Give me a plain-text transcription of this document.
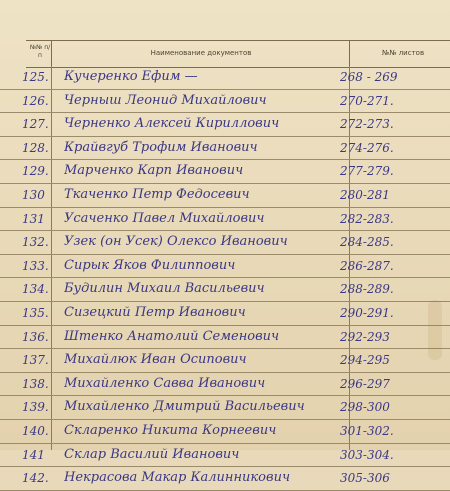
№№ п/п	Наименование документов	№№ листов
125. Кучеренко Ефим —	268 - 269
126. Черныш Леонид Михайлович	270-271.
127. Черненко Алексей Кириллович	272-273.
128. Крайвгуб Трофим Иванович	274-276.
129. Марченко Карп Иванович	277-279.
130	Ткаченко Петр Федосевич	280-281
131	Усаченко Павел Михайлович	282-283.
132. Узек (он Усек) Олексо Иванович	284-285.
133. Сирык Яков Филиппович	286-287.
134. Будилин Михаил Васильевич	288-289.
135. Сизецкий Петр Иванович	290-291.
136. Штенко Анатолий Семенович	292-293
137. Михайлюк Иван Осипович	294-295
138. Михайленко Савва Иванович	296-297
139. Михайленко Дмитрий Васильевич	298-300
140. Скларенко Никита Корнеевич	301-302.
141	Склар Василий Иванович	303-304.
142. Некрасова Макар Калинникович	305-306
